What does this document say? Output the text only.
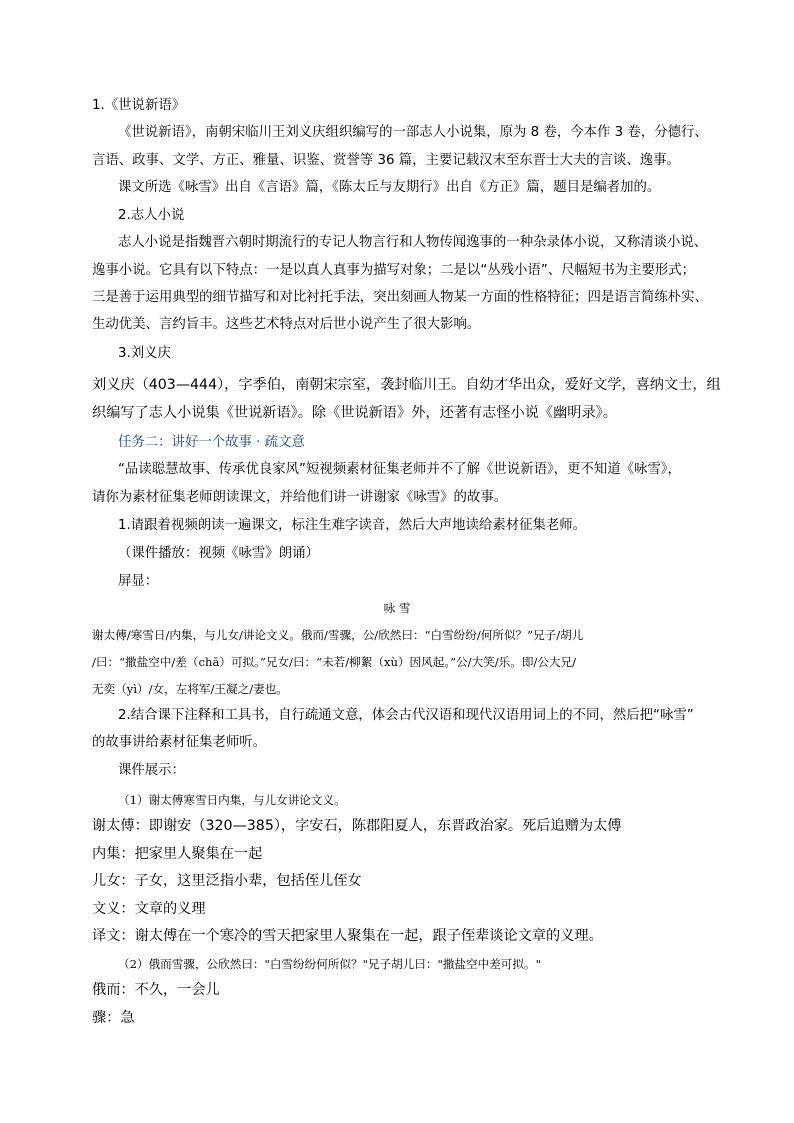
1.《世说新语》
《世说新语》，南朝宋临川王刘义庆组织编写的一部志人小说集，原为 8 卷，今本作 3 卷，分德行、
言语、政事、文学、方正、雅量、识鉴、赏誉等 36 篇，主要记载汉末至东晋士大夫的言谈、逸事。
课文所选《咏雪》出自《言语》篇，《陈太丘与友期行》出自《方正》篇，题目是编者加的。
2.志人小说
志人小说是指魏晋六朝时期流行的专记人物言行和人物传闻逸事的一种杂录体小说，又称清谈小说、
逸事小说。它具有以下特点：一是以真人真事为描写对象；二是以“丛残小语”、尺幅短书为主要形式；
三是善于运用典型的细节描写和对比衬托手法，突出刻画人物某一方面的性格特征；四是语言简练朴实、
生动优美、言约旨丰。这些艺术特点对后世小说产生了很大影响。
3.刘义庆
刘义庆（403—444），字季伯，南朝宋宗室，袭封临川王。自幼才华出众，爱好文学，喜纳文士，组
织编写了志人小说集《世说新语》。除《世说新语》外，还著有志怪小说《幽明录》。
任务二：讲好一个故事 · 疏文意
“品读聪慧故事、传承优良家风”短视频素材征集老师并不了解《世说新语》，更不知道《咏雪》，
请你为素材征集老师朗读课文，并给他们讲一讲谢家《咏雪》的故事。
1.请跟着视频朗读一遍课文，标注生难字读音，然后大声地读给素材征集老师。
（课件播放：视频《咏雪》朗诵）
屏显：
咏 雪
谢太傅/寒雪日/内集，与儿女/讲论文义。俄而/雪骤，公/欣然曰：“白雪纷纷/何所似？”兄子/胡儿
/曰：“撒盐空中/差（chā）可拟。”兄女/曰：“未若/柳絮（xù）因风起。”公/大笑/乐。即/公大兄/
无奕（yì）/女，左将军/王凝之/妻也。
2.结合课下注释和工具书，自行疏通文意，体会古代汉语和现代汉语用词上的不同，然后把“咏雪”
的故事讲给素材征集老师听。
课件展示：
（1）谢太傅寒雪日内集，与儿女讲论文义。
谢太傅：即谢安（320—385），字安石，陈郡阳夏人，东晋政治家。死后追赠为太傅
内集：把家里人聚集在一起
儿女：子女，这里泛指小辈，包括侄儿侄女
文义：文章的义理
译文：谢太傅在一个寒冷的雪天把家里人聚集在一起，跟子侄辈谈论文章的义理。
（2）俄而雪骤，公欣然曰："白雪纷纷何所似？"兄子胡儿曰："撒盐空中差可拟。"
俄而：不久，一会儿
骤：急
